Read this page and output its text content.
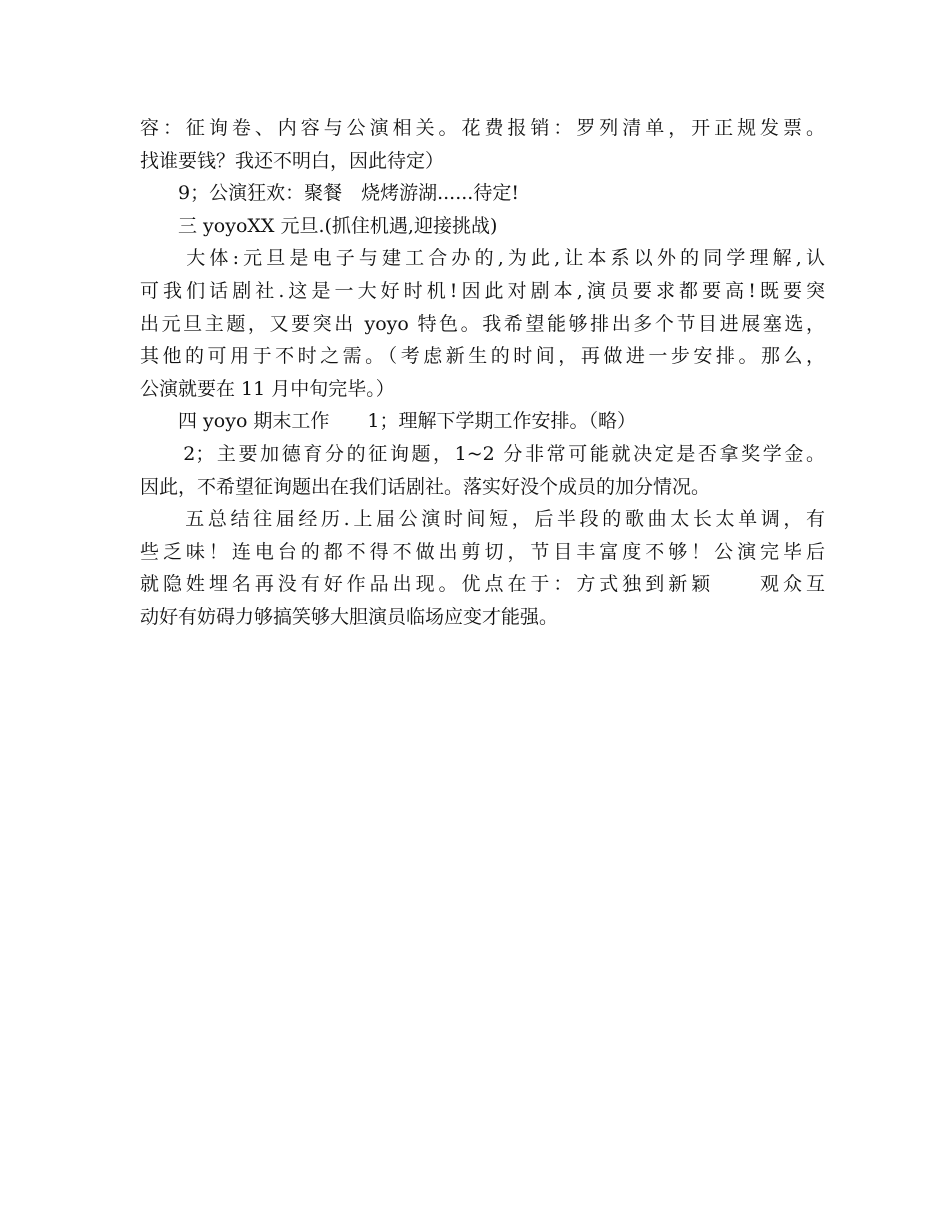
容：征询卷、内容与公演相关。花费报销：罗列清单，开正规发票。
找谁要钱？我还不明白，因此待定）
　　9；公演狂欢：聚餐　烧烤游湖......待定!
　　三 yoyoXX 元旦.(抓住机遇,迎接挑战)
　　大体:元旦是电子与建工合办的,为此,让本系以外的同学理解,认
可我们话剧社.这是一大好时机!因此对剧本,演员要求都要高!既要突
出元旦主题，又要突出 yoyo 特色。我希望能够排出多个节目进展塞选，
其他的可用于不时之需。（考虑新生的时间，再做进一步安排。那么，
公演就要在 11 月中旬完毕。）
　　四 yoyo 期末工作　　1；理解下学期工作安排。（略）
　　2；主要加德育分的征询题，1~2 分非常可能就决定是否拿奖学金。
因此，不希望征询题出在我们话剧社。落实好没个成员的加分情况。
　　五总结往届经历.上届公演时间短，后半段的歌曲太长太单调，有
些乏味！连电台的都不得不做出剪切，节目丰富度不够！公演完毕后
就隐姓埋名再没有好作品出现。优点在于：方式独到新颖　　观众互
动好有妨碍力够搞笑够大胆演员临场应变才能强。
